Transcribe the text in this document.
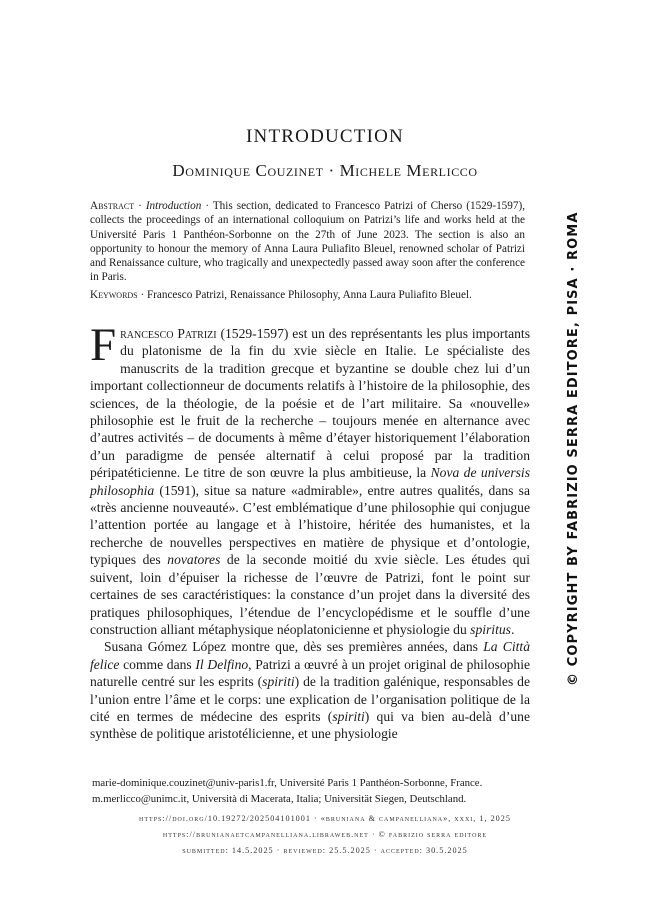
INTRODUCTION
Dominique Couzinet · Michele Merlicco

Abstract · Introduction · This section, dedicated to Francesco Patrizi of Cherso (1529-1597), collects the proceedings of an international colloquium on Patrizi’s life and works held at the Université Paris 1 Panthéon-Sorbonne on the 27th of June 2023. The section is also an opportunity to honour the memory of Anna Laura Puliafito Bleuel, renowned scholar of Patrizi and Renaissance culture, who tragically and unexpectedly passed away soon after the conference in Paris.

Keywords · Francesco Patrizi, Renaissance Philosophy, Anna Laura Puliafito Bleuel.

Francesco Patrizi (1529-1597) est un des représentants les plus importants du platonisme de la fin du xvie siècle en Italie. Le spécialiste des manuscrits de la tradition grecque et byzantine se double chez lui d’un important collectionneur de documents relatifs à l’histoire de la philosophie, des sciences, de la théologie, de la poésie et de l’art militaire. Sa «nouvelle» philosophie est le fruit de la recherche – toujours menée en alternance avec d’autres activités – de documents à même d’étayer historiquement l’élaboration d’un paradigme de pensée alternatif à celui proposé par la tradition péripatéticienne. Le titre de son œuvre la plus ambitieuse, la Nova de universis philosophia (1591), situe sa nature «admirable», entre autres qualités, dans sa «très ancienne nouveauté». C’est emblématique d’une philosophie qui conjugue l’attention portée au langage et à l’histoire, héritée des humanistes, et la recherche de nouvelles perspectives en matière de physique et d’ontologie, typiques des novatores de la seconde moitié du xvie siècle. Les études qui suivent, loin d’épuiser la richesse de l’œuvre de Patrizi, font le point sur certaines de ses caractéristiques: la constance d’un projet dans la diversité des pratiques philosophiques, l’étendue de l’encyclopédisme et le souffle d’une construction alliant métaphysique néoplatonicienne et physiologie du spiritus.

Susana Gómez López montre que, dès ses premières années, dans La Città felice comme dans Il Delfino, Patrizi a œuvré à un projet original de philosophie naturelle centré sur les esprits (spiriti) de la tradition galénique, responsables de l’union entre l’âme et le corps: une explication de l’organisation politique de la cité en termes de médecine des esprits (spiriti) qui va bien au-delà d’une synthèse de politique aristotélicienne, et une physiologie

marie-dominique.couzinet@univ-paris1.fr, Université Paris 1 Panthéon-Sorbonne, France.
m.merlicco@unimc.it, Università di Macerata, Italia; Universität Siegen, Deutschland.
https://doi.org/10.19272/202504101001 · «bruniana & campanelliana», xxxi, 1, 2025
https://brunianaetcampanelliana.libraweb.net · © fabrizio serra editore
submitted: 14.5.2025 · reviewed: 25.5.2025 · accepted: 30.5.2025
© COPYRIGHT BY FABRIZIO SERRA EDITORE, PISA · ROMA
